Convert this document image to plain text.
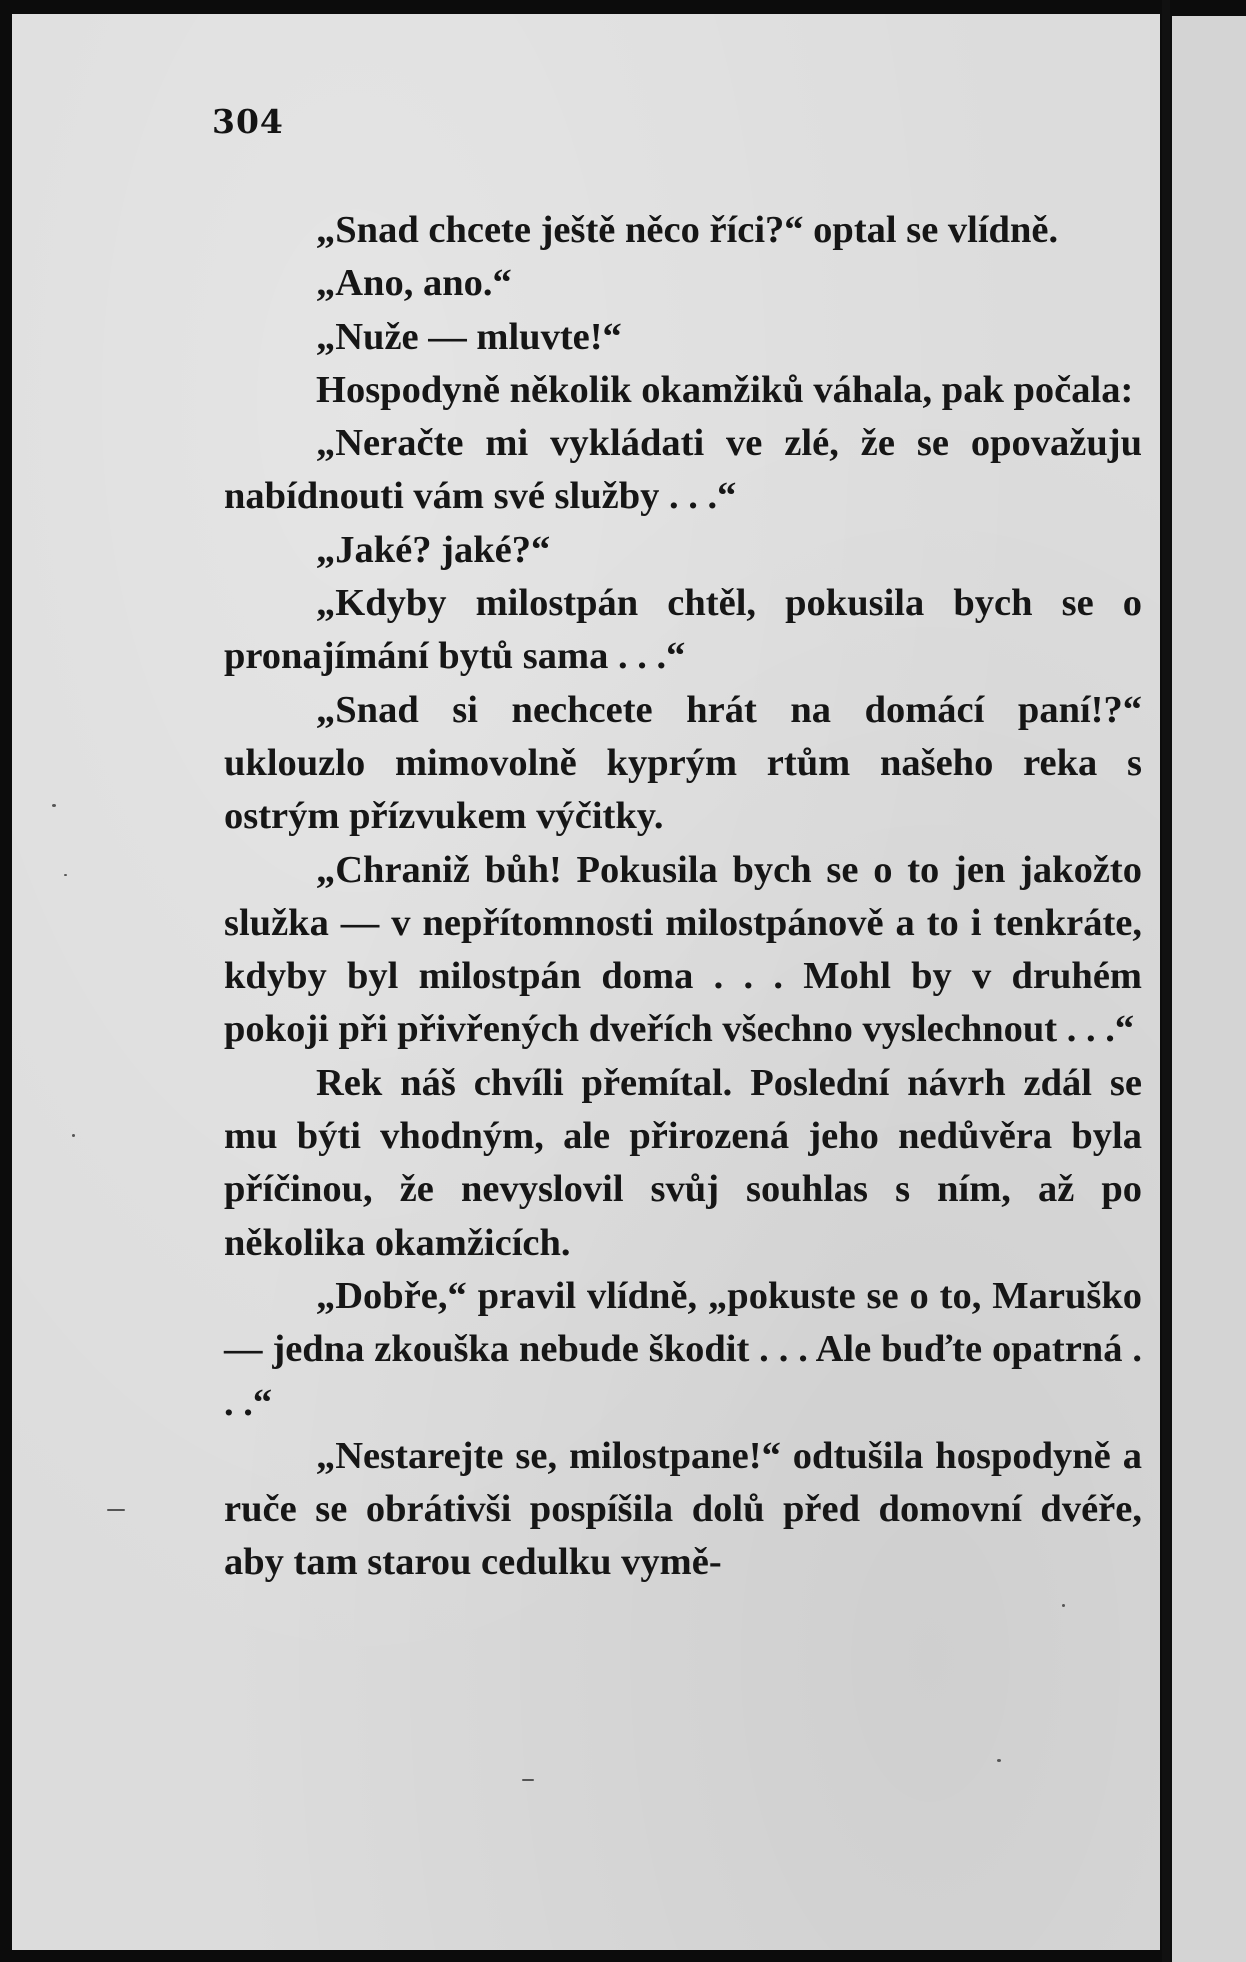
304

„Snad chcete ještě něco říci?“ optal se vlídně.

„Ano, ano.“

„Nuže — mluvte!“

Hospodyně několik okamžiků váhala, pak počala:

„Neračte mi vykládati ve zlé, že se opovažuju nabídnouti vám své služby . . .“

„Jaké? jaké?“

„Kdyby milostpán chtěl, pokusila bych se o pronajímání bytů sama . . .“

„Snad si nechcete hrát na domácí paní!?“ uklouzlo mimovolně kyprým rtům našeho reka s ostrým přízvukem výčitky.

„Chraniž bůh! Pokusila bych se o to jen jakožto služka — v nepřítomnosti milostpánově a to i tenkráte, kdyby byl milostpán doma . . . Mohl by v druhém pokoji při přivřených dveřích všechno vyslechnout . . .“

Rek náš chvíli přemítal. Poslední návrh zdál se mu býti vhodným, ale přirozená jeho nedůvěra byla příčinou, že nevyslovil svůj souhlas s ním, až po několika okamžicích.

„Dobře,“ pravil vlídně, „pokuste se o to, Maruško — jedna zkouška nebude škodit . . . Ale buďte opatrná . . .“

„Nestarejte se, milostpane!“ odtušila hospodyně a ruče se obrátivši pospíšila dolů před domovní dvéře, aby tam starou cedulku vymě-
